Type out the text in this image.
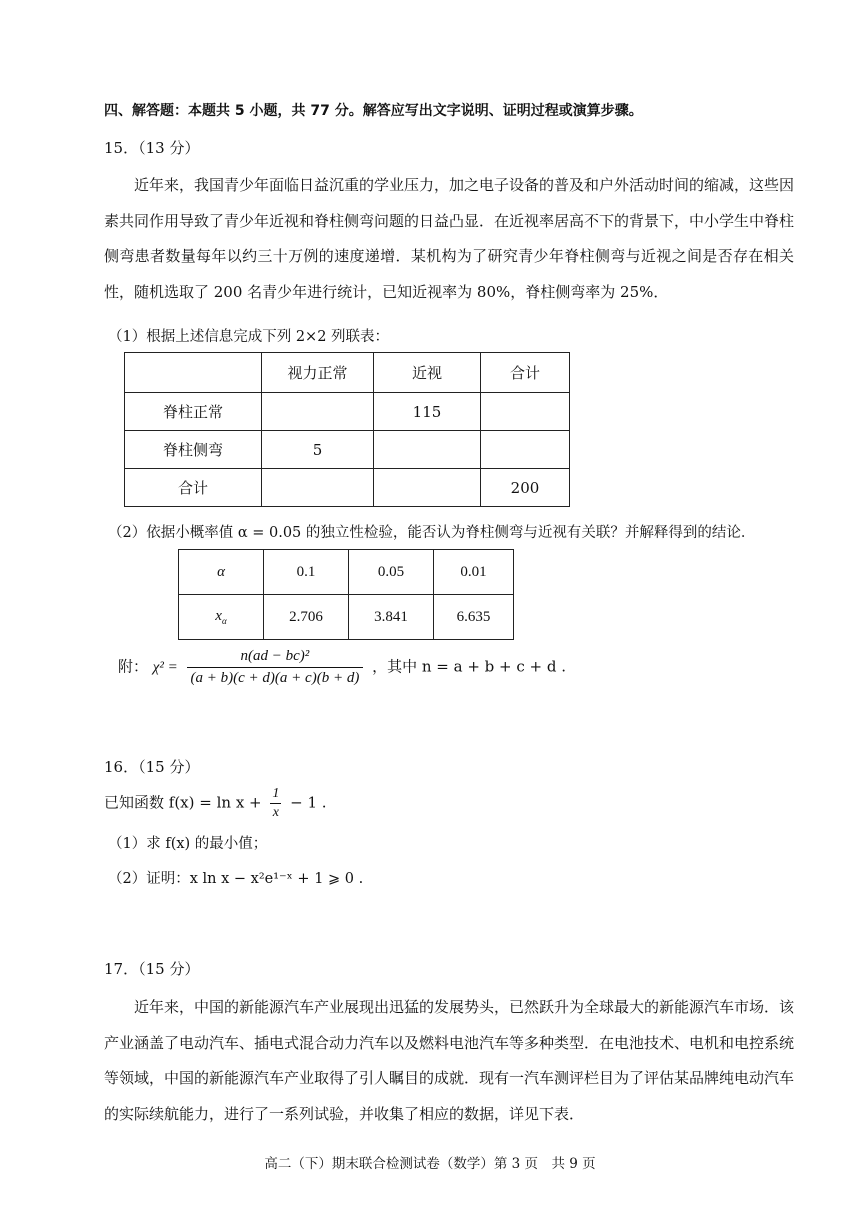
四、解答题：本题共 5 小题，共 77 分。解答应写出文字说明、证明过程或演算步骤。
15．（13 分）
近年来，我国青少年面临日益沉重的学业压力，加之电子设备的普及和户外活动时间的缩减，这些因素共同作用导致了青少年近视和脊柱侧弯问题的日益凸显．在近视率居高不下的背景下，中小学生中脊柱侧弯患者数量每年以约三十万例的速度递增．某机构为了研究青少年脊柱侧弯与近视之间是否存在相关性，随机选取了 200 名青少年进行统计，已知近视率为 80%，脊柱侧弯率为 25%．
（1）根据上述信息完成下列 2×2 列联表：
	视力正常	近视	合计
脊柱正常		115	
脊柱侧弯	5		
合计			200
（2）依据小概率值 α = 0.05 的独立性检验，能否认为脊柱侧弯与近视有关联？并解释得到的结论．
α	0.1	0.05	0.01
$x_\alpha$	2.706	3.841	6.635
附： $\chi^2 = \frac{\text{n(ad − bc)²}}{(a + b)(c + d)(a + c)(b + d)}$ ，其中 n = a + b + c + d .
16．（15 分）
已知函数 $f(x) = \ln x + \frac{1}{x} - 1$ .
（1）求 f(x) 的最小值；
（2）证明：x ln x − x²e¹⁻ˣ + 1 ⩾ 0 .
17．（15 分）
近年来，中国的新能源汽车产业展现出迅猛的发展势头，已然跃升为全球最大的新能源汽车市场．该产业涵盖了电动汽车、插电式混合动力汽车以及燃料电池汽车等多种类型．在电池技术、电机和电控系统等领域，中国的新能源汽车产业取得了引人瞩目的成就．现有一汽车测评栏目为了评估某品牌纯电动汽车的实际续航能力，进行了一系列试验，并收集了相应的数据，详见下表．
高二（下）期末联合检测试卷（数学）第 3 页　共 9 页
